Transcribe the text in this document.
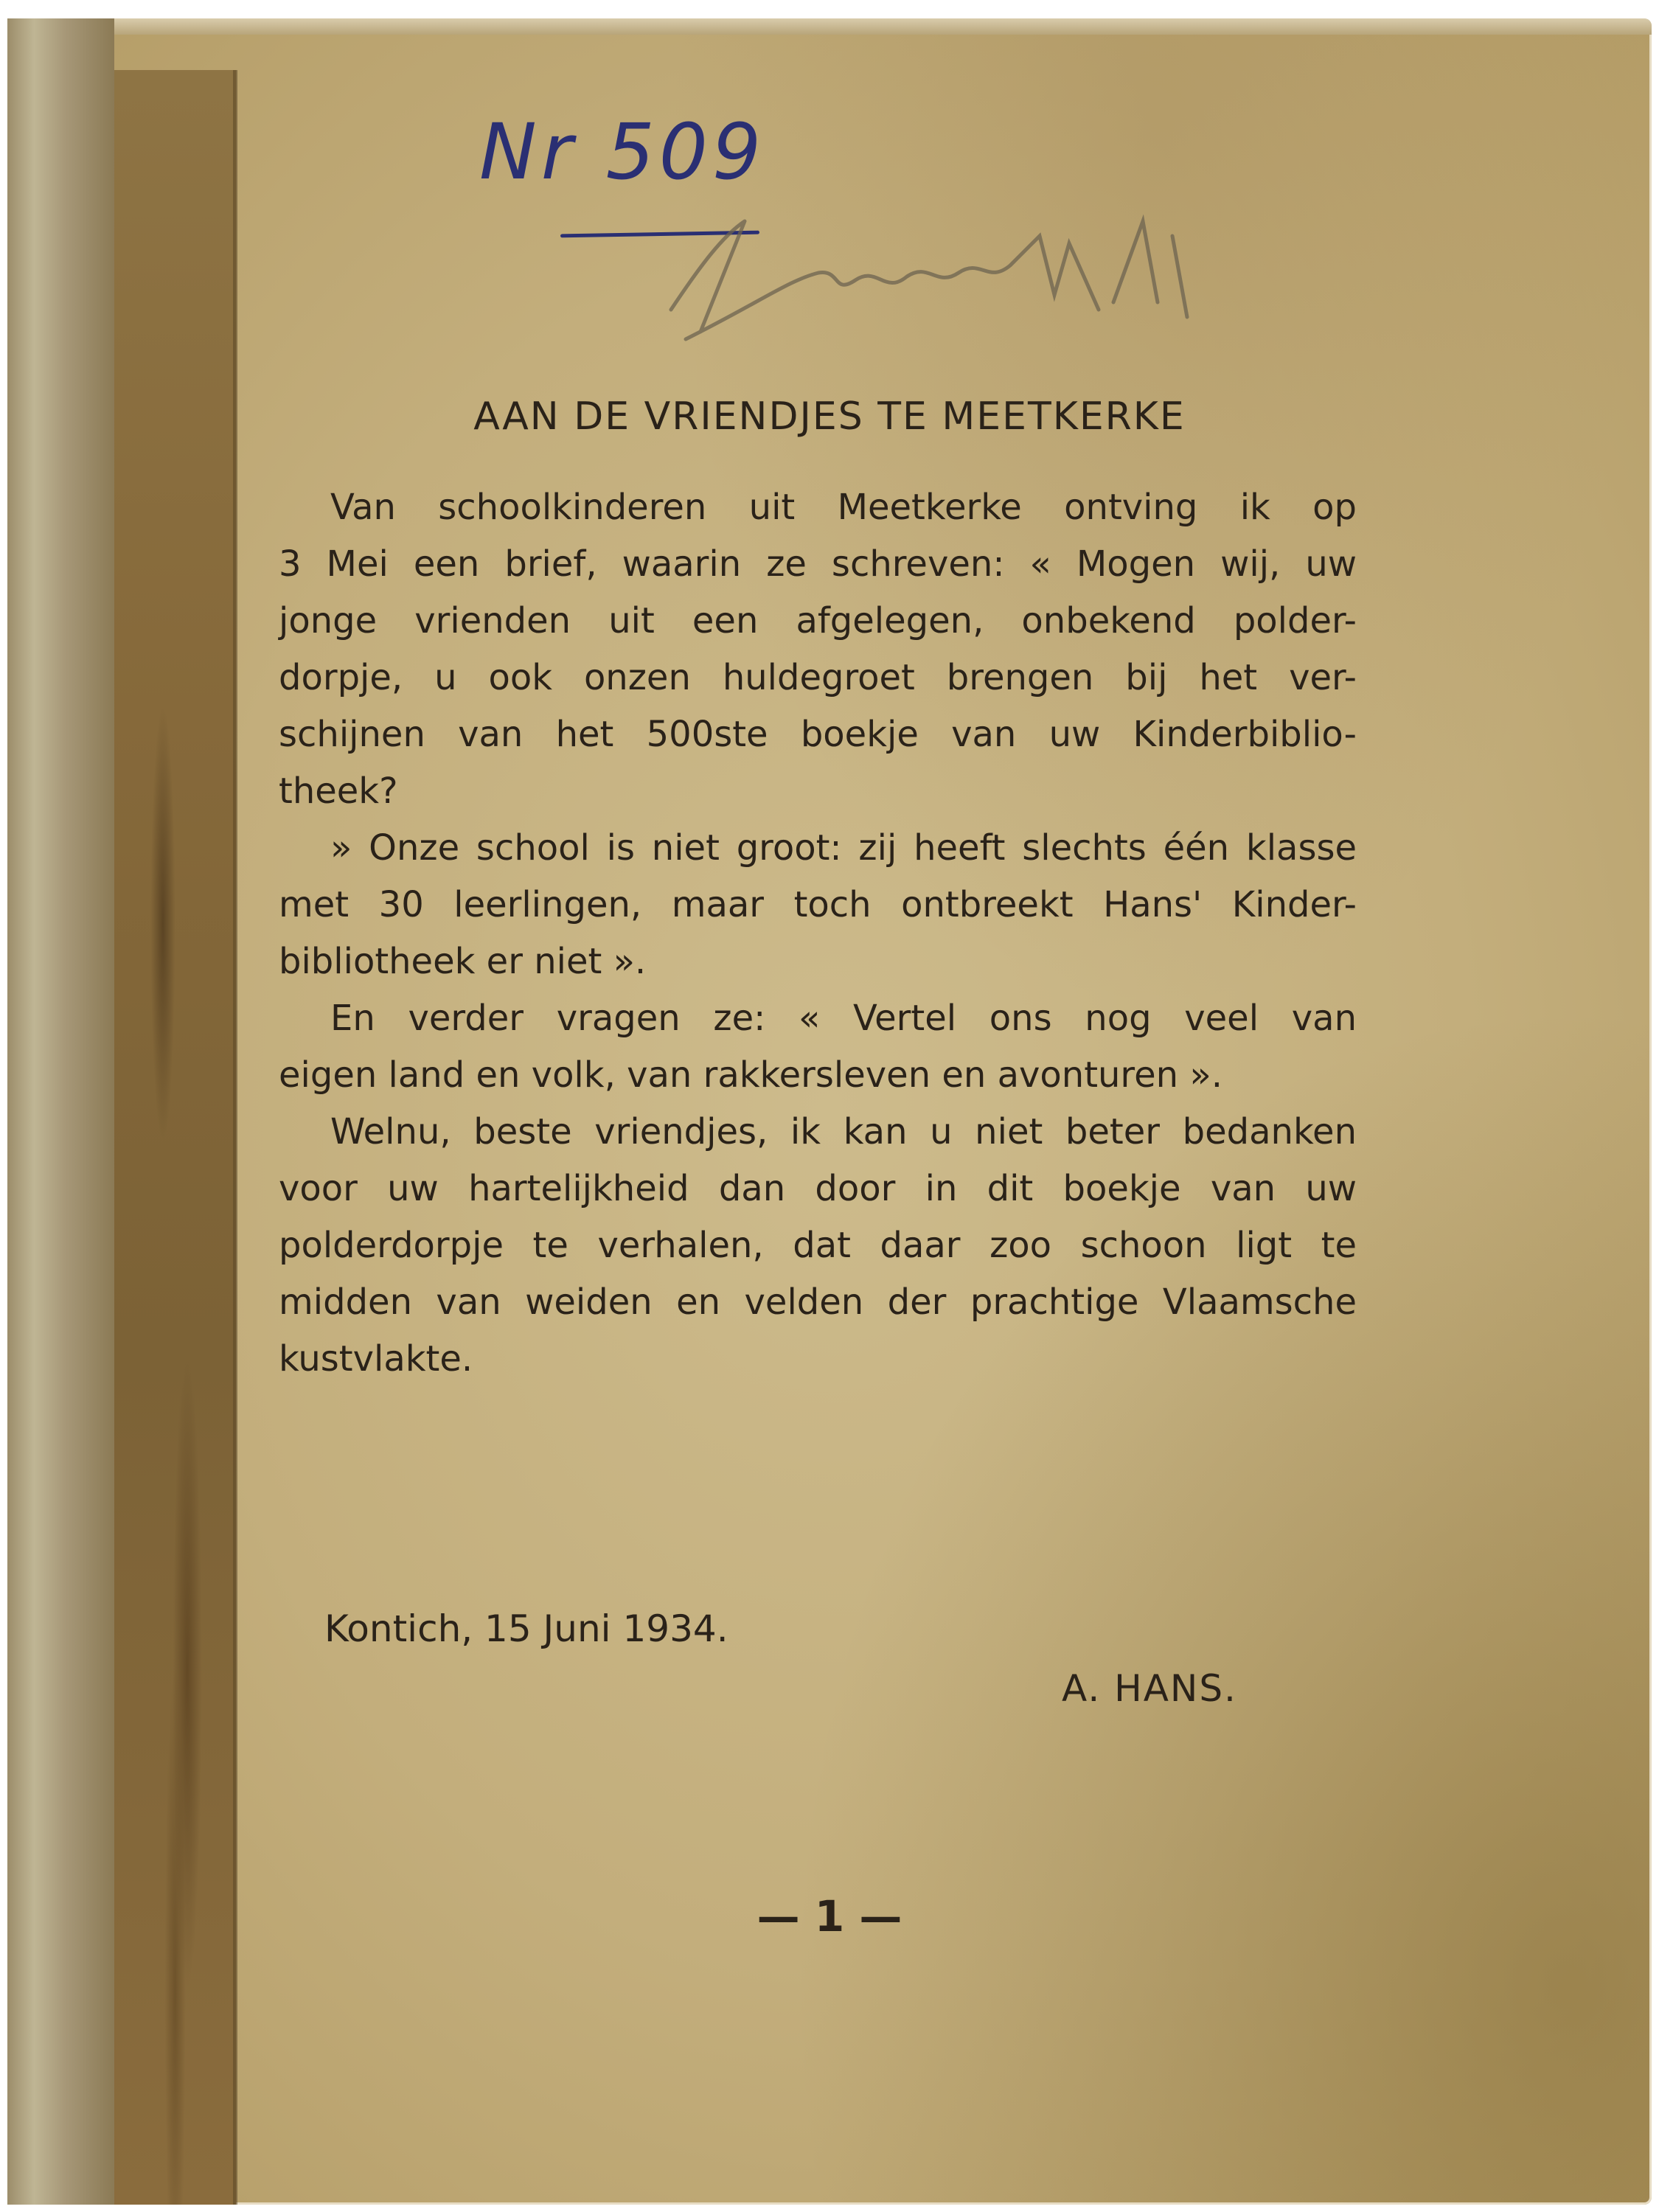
Nr 509
AAN DE VRIENDJES TE MEETKERKE
Van schoolkinderen uit Meetkerke ontving ik op
3 Mei een brief, waarin ze schreven: « Mogen wij, uw
jonge vrienden uit een afgelegen, onbekend polder-
dorpje, u ook onzen huldegroet brengen bij het ver-
schijnen van het 500ste boekje van uw Kinderbiblio-
theek?
» Onze school is niet groot: zij heeft slechts één klasse
met 30 leerlingen, maar toch ontbreekt Hans' Kinder-
bibliotheek er niet ».
En verder vragen ze: « Vertel ons nog veel van
eigen land en volk, van rakkersleven en avonturen ».
Welnu, beste vriendjes, ik kan u niet beter bedanken
voor uw hartelijkheid dan door in dit boekje van uw
polderdorpje te verhalen, dat daar zoo schoon ligt te
midden van weiden en velden der prachtige Vlaamsche
kustvlakte.
Kontich, 15 Juni 1934.
A. HANS.
— 1 —
